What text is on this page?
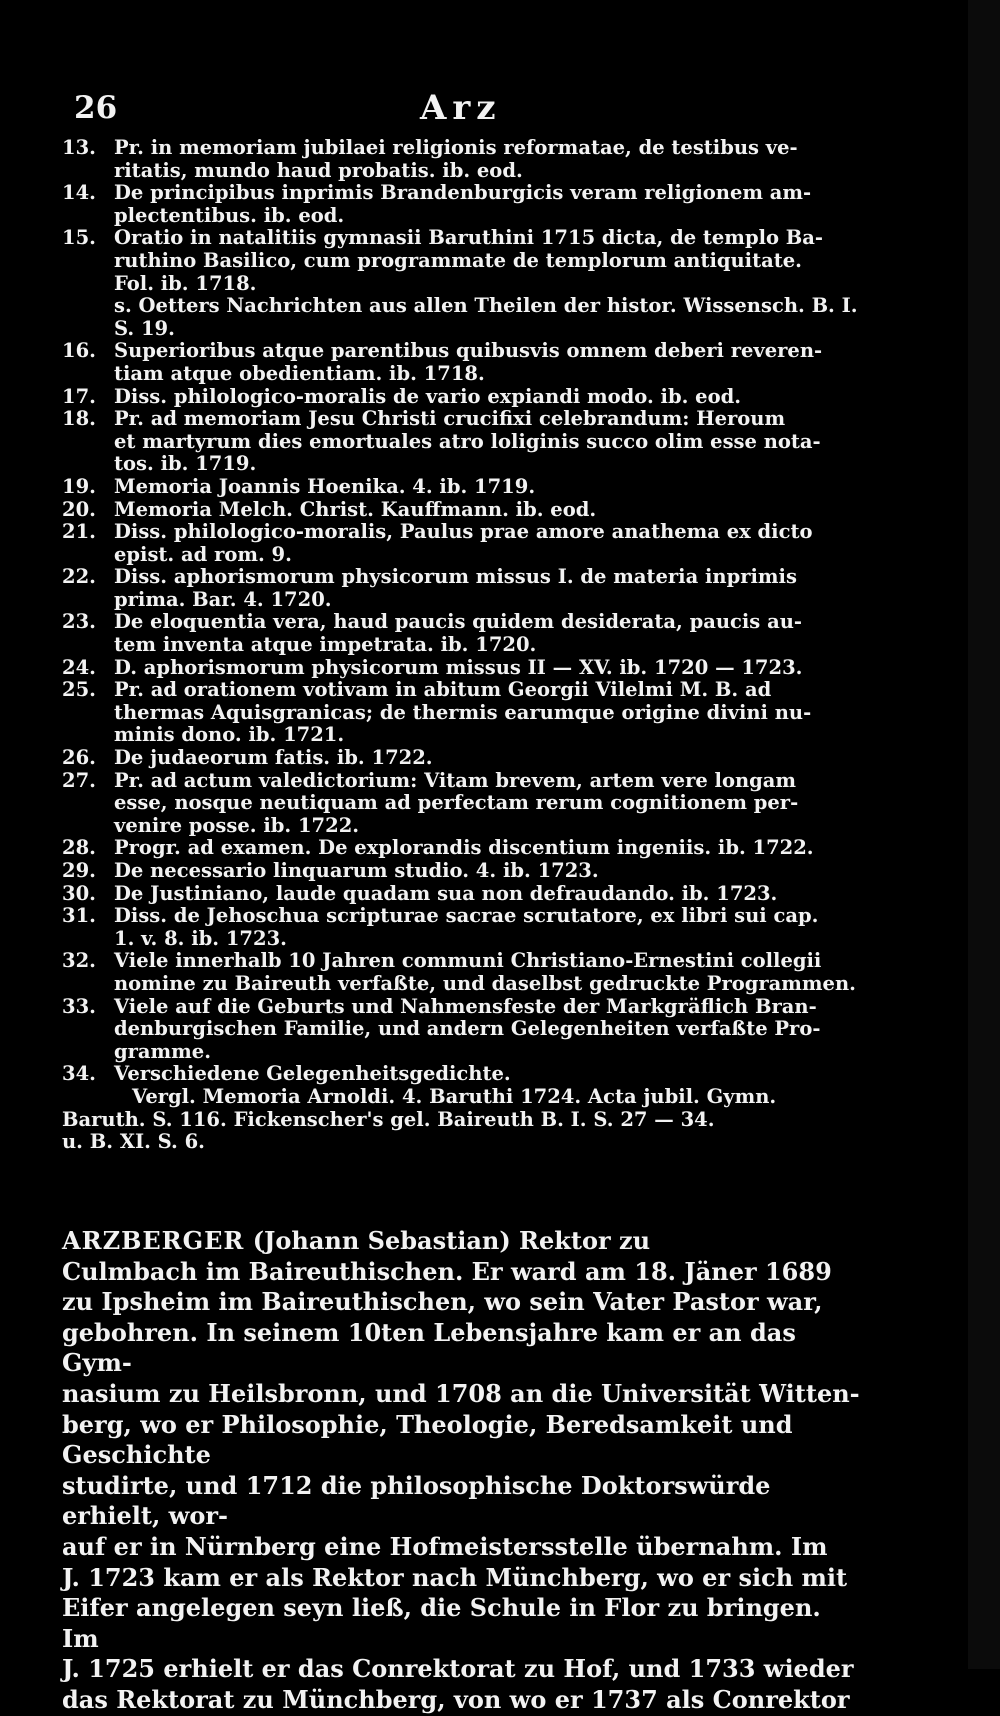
26	Arz
13. Pr. in memoriam jubilaei religionis reformatae, de testibus ve-
ritatis, mundo haud probatis. ib. eod.
14. De principibus inprimis Brandenburgicis veram religionem am-
plectentibus. ib. eod.
15. Oratio in natalitiis gymnasii Baruthini 1715 dicta, de templo Ba-
ruthino Basilico, cum programmate de templorum antiquitate.
Fol. ib. 1718.
s. Oetters Nachrichten aus allen Theilen der histor. Wissensch. B. I.
S. 19.
16. Superioribus atque parentibus quibusvis omnem deberi reveren-
tiam atque obedientiam. ib. 1718.
17. Diss. philologico-moralis de vario expiandi modo. ib. eod.
18. Pr. ad memoriam Jesu Christi crucifixi celebrandum: Heroum
et martyrum dies emortuales atro loliginis succo olim esse nota-
tos. ib. 1719.
19. Memoria Joannis Hoenika. 4. ib. 1719.
20. Memoria Melch. Christ. Kauffmann. ib. eod.
21. Diss. philologico-moralis, Paulus prae amore anathema ex dicto
epist. ad rom. 9.
22. Diss. aphorismorum physicorum missus I. de materia inprimis
prima. Bar. 4. 1720.
23. De eloquentia vera, haud paucis quidem desiderata, paucis au-
tem inventa atque impetrata. ib. 1720.
24. D. aphorismorum physicorum missus II — XV. ib. 1720 — 1723.
25. Pr. ad orationem votivam in abitum Georgii Vilelmi M. B. ad
thermas Aquisgranicas; de thermis earumque origine divini nu-
minis dono. ib. 1721.
26. De judaeorum fatis. ib. 1722.
27. Pr. ad actum valedictorium: Vitam brevem, artem vere longam
esse, nosque neutiquam ad perfectam rerum cognitionem per-
venire posse. ib. 1722.
28. Progr. ad examen. De explorandis discentium ingeniis. ib. 1722.
29. De necessario linquarum studio. 4. ib. 1723.
30. De Justiniano, laude quadam sua non defraudando. ib. 1723.
31. Diss. de Jehoschua scripturae sacrae scrutatore, ex libri sui cap.
1. v. 8. ib. 1723.
32. Viele innerhalb 10 Jahren communi Christiano-Ernestini collegii
nomine zu Baireuth verfaßte, und daselbst gedruckte Programmen.
33. Viele auf die Geburts und Nahmensfeste der Markgräflich Bran-
denburgischen Familie, und andern Gelegenheiten verfaßte Pro-
gramme.
34. Verschiedene Gelegenheitsgedichte.
Vergl. Memoria Arnoldi. 4. Baruthi 1724. Acta jubil. Gymn.
Baruth. S. 116. Fickenscher's gel. Baireuth B. I. S. 27 — 34.
u. B. XI. S. 6.
ARZBERGER (Johann Sebastian) Rektor zu
Culmbach im Baireuthischen. Er ward am 18. Jäner 1689
zu Ipsheim im Baireuthischen, wo sein Vater Pastor war,
gebohren. In seinem 10ten Lebensjahre kam er an das Gym-
nasium zu Heilsbronn, und 1708 an die Universität Witten-
berg, wo er Philosophie, Theologie, Beredsamkeit und Geschichte
studirte, und 1712 die philosophische Doktorswürde erhielt, wor-
auf er in Nürnberg eine Hofmeistersstelle übernahm. Im
J. 1723 kam er als Rektor nach Münchberg, wo er sich mit
Eifer angelegen seyn ließ, die Schule in Flor zu bringen. Im
J. 1725 erhielt er das Conrektorat zu Hof, und 1733 wieder
das Rektorat zu Münchberg, von wo er 1737 als Conrektor
